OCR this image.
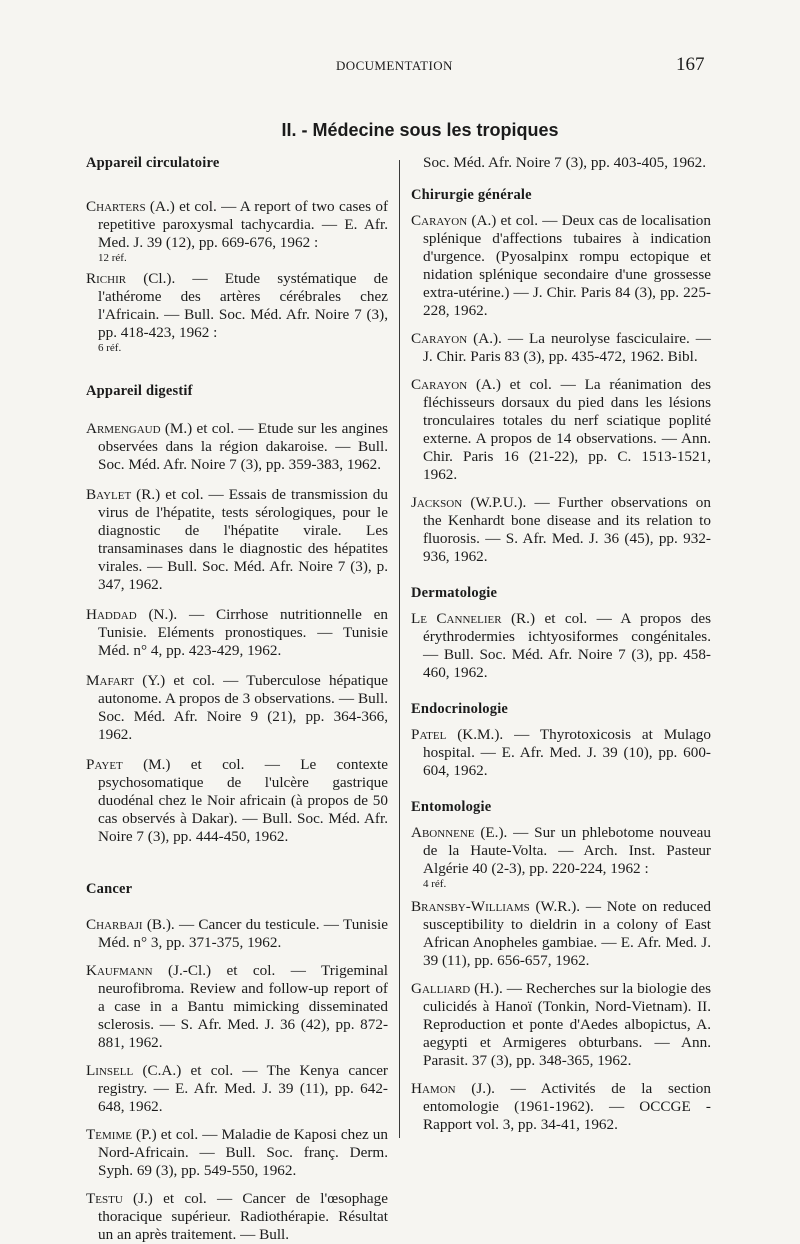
DOCUMENTATION	167
II. - Médecine sous les tropiques

Appareil circulatoire

Charters (A.) et col. — A report of two cases of repetitive paroxysmal tachycardia. — E. Afr. Med. J. 39 (12), pp. 669-676, 1962 :

12 réf.

Richir (Cl.). — Etude systématique de l'athérome des artères cérébrales chez l'Africain. — Bull. Soc. Méd. Afr. Noire 7 (3), pp. 418-423, 1962 :

6 réf.

Appareil digestif

Armengaud (M.) et col. — Etude sur les angines observées dans la région dakaroise. — Bull. Soc. Méd. Afr. Noire 7 (3), pp. 359-383, 1962.

Baylet (R.) et col. — Essais de transmission du virus de l'hépatite, tests sérologiques, pour le diagnostic de l'hépatite virale. Les transaminases dans le diagnostic des hépatites virales. — Bull. Soc. Méd. Afr. Noire 7 (3), p. 347, 1962.

Haddad (N.). — Cirrhose nutritionnelle en Tunisie. Eléments pronostiques. — Tunisie Méd. n° 4, pp. 423-429, 1962.

Mafart (Y.) et col. — Tuberculose hépatique autonome. A propos de 3 observations. — Bull. Soc. Méd. Afr. Noire 9 (21), pp. 364-366, 1962.

Payet (M.) et col. — Le contexte psychosomatique de l'ulcère gastrique duodénal chez le Noir africain (à propos de 50 cas observés à Dakar). — Bull. Soc. Méd. Afr. Noire 7 (3), pp. 444-450, 1962.

Cancer

Charbaji (B.). — Cancer du testicule. — Tunisie Méd. n° 3, pp. 371-375, 1962.

Kaufmann (J.-Cl.) et col. — Trigeminal neurofibroma. Review and follow-up report of a case in a Bantu mimicking disseminated sclerosis. — S. Afr. Med. J. 36 (42), pp. 872-881, 1962.

Linsell (C.A.) et col. — The Kenya cancer registry. — E. Afr. Med. J. 39 (11), pp. 642-648, 1962.

Temime (P.) et col. — Maladie de Kaposi chez un Nord-Africain. — Bull. Soc. franç. Derm. Syph. 69 (3), pp. 549-550, 1962.

Testu (J.) et col. — Cancer de l'œsophage thoracique supérieur. Radiothérapie. Résultat un an après traitement. — Bull.

Soc. Méd. Afr. Noire 7 (3), pp. 403-405, 1962.

Chirurgie générale

Carayon (A.) et col. — Deux cas de localisation splénique d'affections tubaires à indication d'urgence. (Pyosalpinx rompu ectopique et nidation splénique secondaire d'une grossesse extra-utérine.) — J. Chir. Paris 84 (3), pp. 225-228, 1962.

Carayon (A.). — La neurolyse fasciculaire. — J. Chir. Paris 83 (3), pp. 435-472, 1962. Bibl.

Carayon (A.) et col. — La réanimation des fléchisseurs dorsaux du pied dans les lésions tronculaires totales du nerf sciatique poplité externe. A propos de 14 observations. — Ann. Chir. Paris 16 (21-22), pp. C. 1513-1521, 1962.

Jackson (W.P.U.). — Further observations on the Kenhardt bone disease and its relation to fluorosis. — S. Afr. Med. J. 36 (45), pp. 932-936, 1962.

Dermatologie

Le Cannelier (R.) et col. — A propos des érythrodermies ichtyosiformes congénitales. — Bull. Soc. Méd. Afr. Noire 7 (3), pp. 458-460, 1962.

Endocrinologie

Patel (K.M.). — Thyrotoxicosis at Mulago hospital. — E. Afr. Med. J. 39 (10), pp. 600-604, 1962.

Entomologie

Abonnene (E.). — Sur un phlebotome nouveau de la Haute-Volta. — Arch. Inst. Pasteur Algérie 40 (2-3), pp. 220-224, 1962 :

4 réf.

Bransby-Williams (W.R.). — Note on reduced susceptibility to dieldrin in a colony of East African Anopheles gambiae. — E. Afr. Med. J. 39 (11), pp. 656-657, 1962.

Galliard (H.). — Recherches sur la biologie des culicidés à Hanoï (Tonkin, Nord-Vietnam). II. Reproduction et ponte d'Aedes albopictus, A. aegypti et Armigeres obturbans. — Ann. Parasit. 37 (3), pp. 348-365, 1962.

Hamon (J.). — Activités de la section entomologie (1961-1962). — OCCGE - Rapport vol. 3, pp. 34-41, 1962.
